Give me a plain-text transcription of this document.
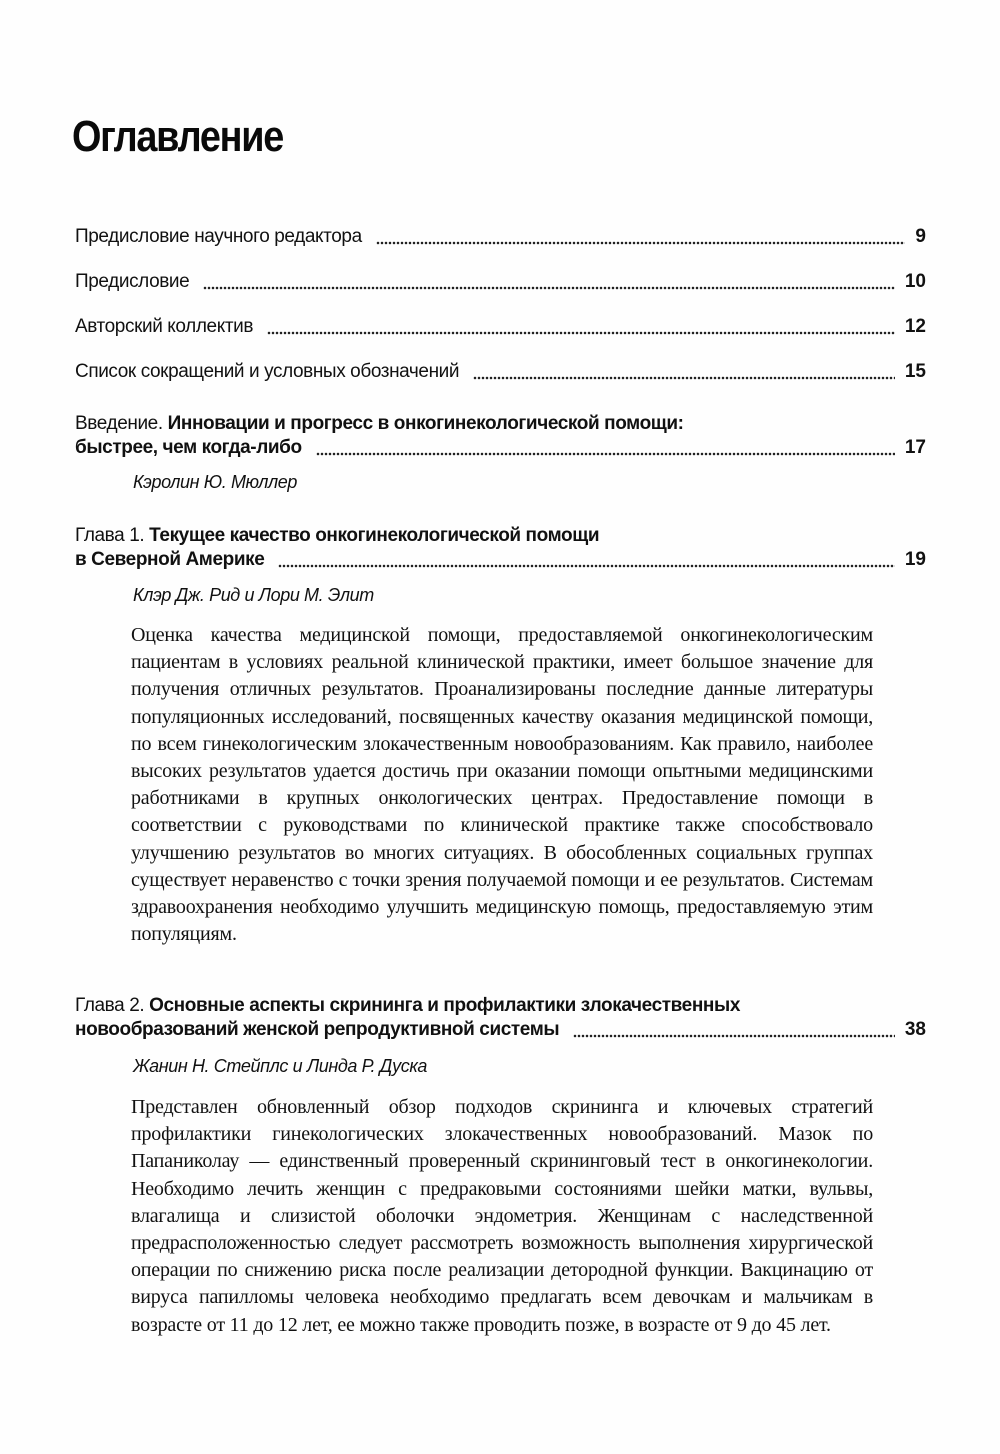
Оглавление
Предисловие научного редактора	9
Предисловие	10
Авторский коллектив	12
Список сокращений и условных обозначений	15
Введение. Инновации и прогресс в онкогинекологической помощи:
быстрее, чем когда-либо	17
Кэролин Ю. Мюллер
Глава 1. Текущее качество онкогинекологической помощи
в Северной Америке	19
Клэр Дж. Рид и Лори М. Элит
Оценка качества медицинской помощи, предоставляемой онкогинекологическим пациентам в условиях реальной клинической практики, имеет большое значение для получения отличных результатов. Проанализированы последние данные литературы популяционных исследований, посвященных качеству оказания медицинской помощи, по всем гинекологическим злокачественным новообразованиям. Как правило, наиболее высоких результатов удается достичь при оказании помощи опытными медицинскими работниками в крупных онкологических центрах. Предоставление помощи в соответствии с руководствами по клинической практике также способствовало улучшению результатов во многих ситуациях. В обособленных социальных группах существует неравенство с точки зрения получаемой помощи и ее результатов. Системам здравоохранения необходимо улучшить медицинскую помощь, предоставляемую этим популяциям.
Глава 2. Основные аспекты скрининга и профилактики злокачественных
новообразований женской репродуктивной системы	38
Жанин Н. Стейплс и Линда Р. Дуска
Представлен обновленный обзор подходов скрининга и ключевых стратегий профилактики гинекологических злокачественных новообразований. Мазок по Папаниколау — единственный проверенный скрининговый тест в онкогинекологии. Необходимо лечить женщин с предраковыми состояниями шейки матки, вульвы, влагалища и слизистой оболочки эндометрия. Женщинам с наследственной предрасположенностью следует рассмотреть возможность выполнения хирургической операции по снижению риска после реализации детородной функции. Вакцинацию от вируса папилломы человека необходимо предлагать всем девочкам и мальчикам в возрасте от 11 до 12 лет, ее можно также проводить позже, в возрасте от 9 до 45 лет.
